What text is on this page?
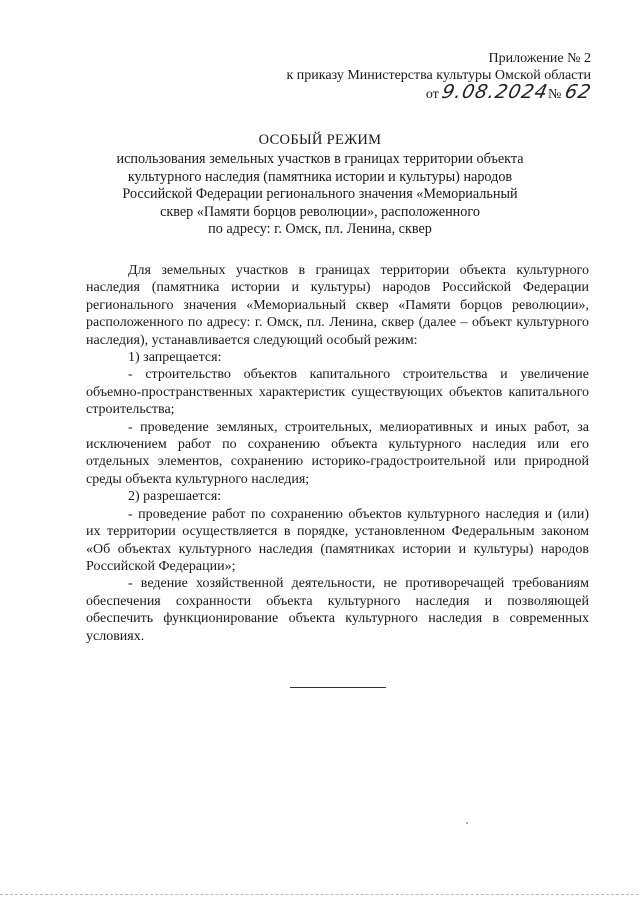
Приложение № 2
к приказу Министерства культуры Омской области
от 9.08.2024№ 62
ОСОБЫЙ РЕЖИМ
использования земельных участков в границах территории объекта
культурного наследия (памятника истории и культуры) народов
Российской Федерации регионального значения «Мемориальный
сквер «Памяти борцов революции», расположенного
по адресу: г. Омск, пл. Ленина, сквер

Для земельных участков в границах территории объекта культурного наследия (памятника истории и культуры) народов Российской Федерации регионального значения «Мемориальный сквер «Памяти борцов революции», расположенного по адресу: г. Омск, пл. Ленина, сквер (далее – объект культурного наследия), устанавливается следующий особый режим:

1) запрещается:

- строительство объектов капитального строительства и увеличение объемно-пространственных характеристик существующих объектов капитального строительства;

- проведение земляных, строительных, мелиоративных и иных работ, за исключением работ по сохранению объекта культурного наследия или его отдельных элементов, сохранению историко-градостроительной или природной среды объекта культурного наследия;

2) разрешается:

- проведение работ по сохранению объектов культурного наследия и (или) их территории осуществляется в порядке, установленном Федеральным законом «Об объектах культурного наследия (памятниках истории и культуры) народов Российской Федерации»;

- ведение хозяйственной деятельности, не противоречащей требованиям обеспечения сохранности объекта культурного наследия и позволяющей обеспечить функционирование объекта культурного наследия в современных условиях.
